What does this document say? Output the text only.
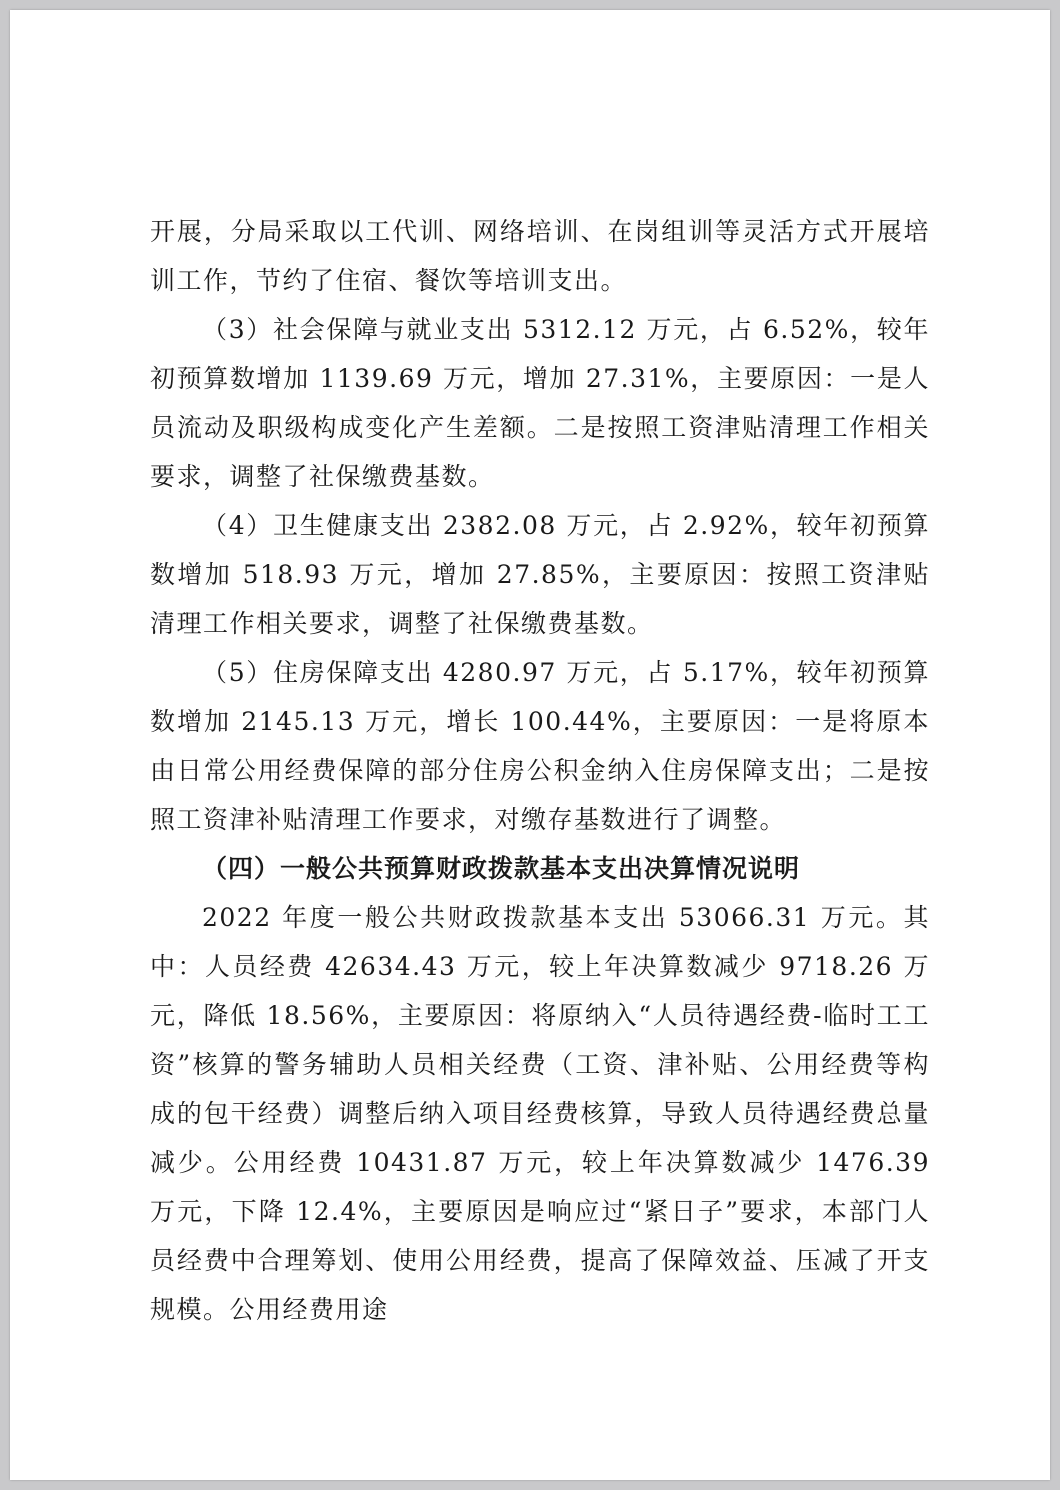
开展，分局采取以工代训、网络培训、在岗组训等灵活方式开展培训工作，节约了住宿、餐饮等培训支出。

（3）社会保障与就业支出 5312.12 万元，占 6.52%，较年初预算数增加 1139.69 万元，增加 27.31%，主要原因：一是人员流动及职级构成变化产生差额。二是按照工资津贴清理工作相关要求，调整了社保缴费基数。

（4）卫生健康支出 2382.08 万元，占 2.92%，较年初预算数增加 518.93 万元，增加 27.85%，主要原因：按照工资津贴清理工作相关要求，调整了社保缴费基数。

（5）住房保障支出 4280.97 万元，占 5.17%，较年初预算数增加 2145.13 万元，增长 100.44%，主要原因：一是将原本由日常公用经费保障的部分住房公积金纳入住房保障支出；二是按照工资津补贴清理工作要求，对缴存基数进行了调整。

（四）一般公共预算财政拨款基本支出决算情况说明

2022 年度一般公共财政拨款基本支出 53066.31 万元。其中：人员经费 42634.43 万元，较上年决算数减少 9718.26 万元，降低 18.56%，主要原因：将原纳入“人员待遇经费-临时工工资”核算的警务辅助人员相关经费（工资、津补贴、公用经费等构成的包干经费）调整后纳入项目经费核算，导致人员待遇经费总量减少。公用经费 10431.87 万元，较上年决算数减少 1476.39 万元，下降 12.4%，主要原因是响应过“紧日子”要求，本部门人员经费中合理筹划、使用公用经费，提高了保障效益、压减了开支规模。公用经费用途
